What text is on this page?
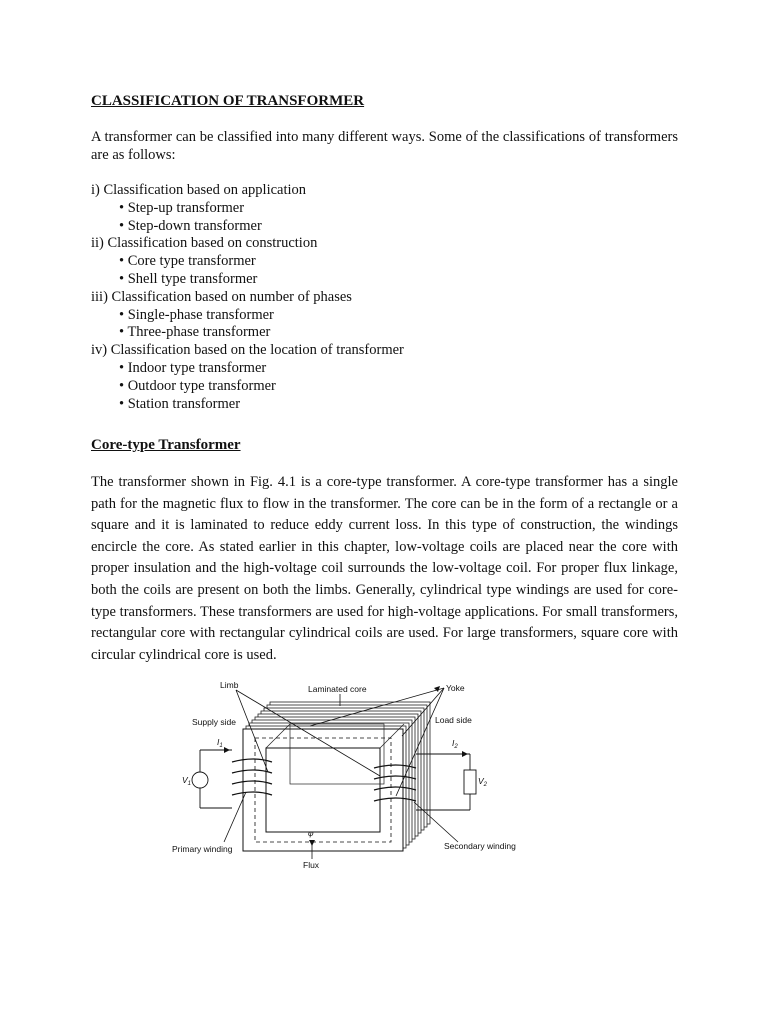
CLASSIFICATION OF TRANSFORMER

A transformer can be classified into many different ways. Some of the classifications of transformers are as follows:

i) Classification based on application
• Step-up transformer
• Step-down transformer
ii) Classification based on construction
• Core type transformer
• Shell type transformer
iii) Classification based on number of phases
• Single-phase transformer
• Three-phase transformer
iv) Classification based on the location of transformer
• Indoor type transformer
• Outdoor type transformer
• Station transformer
Core-type Transformer

The transformer shown in Fig. 4.1 is a core-type transformer. A core-type transformer has a single path for the magnetic flux to flow in the transformer. The core can be in the form of a rectangle or a square and it is laminated to reduce eddy current loss. In this type of construction, the windings encircle the core. As stated earlier in this chapter, low-voltage coils are placed near the core with proper insulation and the high-voltage coil surrounds the low-voltage coil. For proper flux linkage, both the coils are present on both the limbs. Generally, cylindrical type windings are used for core-type transformers. These transformers are used for high-voltage applications. For small transformers, rectangular core with rectangular cylindrical coils are used. For large transformers, square core with circular cylindrical core is used.

Limb	Laminated core	Yoke
Supply side	Load side
$I_1$	$I_2$
$V_1$	$V_2$
φ
Primary winding	Secondary winding
Flux
